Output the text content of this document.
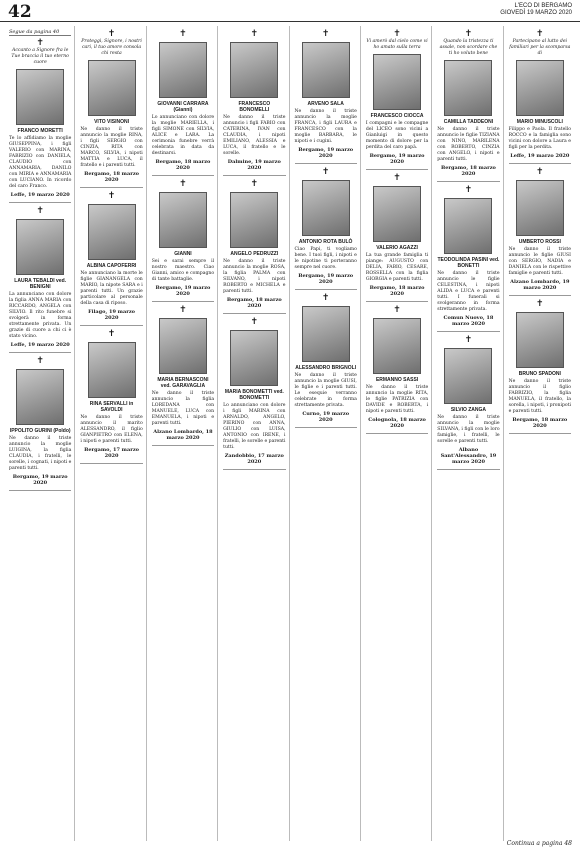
42	L'ECO DI BERGAMO
GIOVEDÌ 19 MARZO 2020
Segue da pagina 40
✝

Accanto a Signore fra le Tue braccia il tuo eterno cuore

FRANCO MORETTI

Te lo affidiamo la moglie GIUSEPPINA, i figli VALERIO con MARINA, FABRIZIO con DANIELA, CLAUDIO con ANNAMARIA, DANILO con MIRIA e ANNAMARIA con LUCIANO. In ricordo del caro Franco.

Leffe, 19 marzo 2020
✝
LAURA TEBALDI ved. BENIGNI

La annunciano con dolore la figlia ANNA MARIA con RICCARDO, ANGELA con SILVIO. Il rito funebre si svolgerà in forma strettamente privata. Un grazie di cuore a chi ci è stato vicino.

Leffe, 19 marzo 2020
✝
IPPOLITO GURINI (Poldo)

Ne danno il triste annuncio la moglie LUIGINA, la figlia CLAUDIA, i fratelli, le sorelle, i cognati, i nipoti e parenti tutti.

Bergamo, 19 marzo 2020
✝

Proteggi, Signore, i nostri cari, il tuo amore consola chi resta

VITO VISINONI

Ne danno il triste annuncio la moglie RINA, i figli SERGIO con CINZIA, RITA con MARCO, SILVIA, i nipoti MATTIA e LUCA, il fratello e i parenti tutti.

Bergamo, 18 marzo 2020
✝
ALBINA CAPOFERRI

Ne annunciano la morte le figlie GIANANGELA con MARIO, la nipote SARA e i parenti tutti. Un grazie particolare al personale della casa di riposo.

Filago, 19 marzo 2020
✝
RINA SERVALLI in SAVOLDI

Ne danno il triste annuncio il marito ALESSANDRO, il figlio GIANPIETRO con ELENA, i nipoti e parenti tutti.

Bergamo, 17 marzo 2020
✝
GIOVANNI CARRARA (Gianni)

Lo annunciano con dolore la moglie MARIELLA, i figli SIMONE con SILVIA, ALICE e LARA. La cerimonia funebre verrà celebrata in data da destinarsi.

Bergamo, 18 marzo 2020
✝
GIANNI

Sei e sarai sempre il nostro maestro. Ciao Gianni, amico e compagno di tante battaglie.

Bergamo, 19 marzo 2020
✝
MARIA BERNASCONI ved. GARAVAGLIA

Ne danno il triste annuncio la figlia LOREDANA con MANUELE, LUCA con EMANUELA, i nipoti e parenti tutti.

Alzano Lombardo, 18 marzo 2020
✝
FRANCESCO BONOMELLI

Ne danno il triste annuncio i figli FABIO con CATERINA, IVAN con CLAUDIA, i nipoti EMILIANO, ALESSIA e LUCA, il fratello e le sorelle.

Dalmine, 19 marzo 2020
✝
ANGELO PEDRUZZI

Ne danno il triste annuncio la moglie ROSA, la figlia PALMA con SILVANO, i nipoti ROBERTO e MICHELA e parenti tutti.

Bergamo, 18 marzo 2020
✝
MARIA BONOMETTI ved. BONOMETTI

Lo annunciano con dolore i figli MARINA con ARNALDO, ANGELO, PIERINO con ANNA, GIULIO con LUISA, ANTONIO con IRENE, i fratelli, le sorelle e parenti tutti.

Zandobbio, 17 marzo 2020
✝
ARVENO SALA

Ne danno il triste annuncio la moglie FRANCA, i figli LAURA e FRANCESCO con la moglie BARBARA, le nipoti e i cugini.

Bergamo, 19 marzo 2020
✝
ANTONIO ROTA BULÒ

Ciao Papi, ti vogliamo bene. I tuoi figli, i nipoti e le nipotine ti porteranno sempre nel cuore.

Bergamo, 19 marzo 2020
✝
ALESSANDRO BRIGNOLI

Ne danno il triste annuncio la moglie GIUSI, le figlie e i parenti tutti. Le esequie verranno celebrate in forma strettamente privata.

Curno, 19 marzo 2020
✝

Vi amerò dal cielo come vi ho amato sulla terra

FRANCESCO CIOCCA

I compagni e le compagne del LICEO sono vicini a Gianluigi in questo momento di dolore per la perdita del caro papà.

Bergamo, 19 marzo 2020
✝
VALERIO AGAZZI

La tua grande famiglia ti piange: AUGUSTO con DELIA, FABIO, CESARE, ROSSELLA con la figlia GIORGIA e parenti tutti.

Bergamo, 18 marzo 2020
✝
ERMANNO SASSI

Ne danno il triste annuncio la moglie RITA, le figlie PATRIZIA con DAVIDE e ROBERTA, i nipoti e parenti tutti.

Colognola, 18 marzo 2020
✝

Quando la tristezza ti assale, non scordare che ti ho voluto bene

CAMILLA TADDEONI

Ne danno il triste annuncio le figlie TIZIANA con NINO, MARILENA con ROBERTO, CINZIA con ANGELO, i nipoti e parenti tutti.

Bergamo, 18 marzo 2020
✝
TEODOLINDA PASINI ved. BONETTI

Ne danno il triste annuncio le figlie CELESTINA, i nipoti ALIDA e LUCA e parenti tutti. I funerali si svolgeranno in forma strettamente privata.

Comun Nuovo, 18 marzo 2020
✝
SILVIO ZANGA

Ne danno il triste annuncio la moglie SILVANA, i figli con le loro famiglie, i fratelli, le sorelle e parenti tutti.

Albano Sant'Alessandro, 19 marzo 2020
✝

Partecipano al lutto dei familiari per la scomparsa di

MARIO MINUSCOLI

Filippo e Paola. Il fratello ROCCO e la famiglia sono vicini con dolore a Laura e figli per la perdita.

Leffe, 19 marzo 2020
✝
UMBERTO ROSSI

Ne danno il triste annuncio le figlie GIUSI con SERGIO, NADIA e DANIELA con le rispettive famiglie e parenti tutti.

Alzano Lombardo, 19 marzo 2020
✝
BRUNO SPADONI

Ne danno il triste annuncio il figlio FABRIZIO, la figlia MANUELA, il fratello, la sorella, i nipoti, i pronipoti e parenti tutti.

Bergamo, 18 marzo 2020
Continua a pagina 48
